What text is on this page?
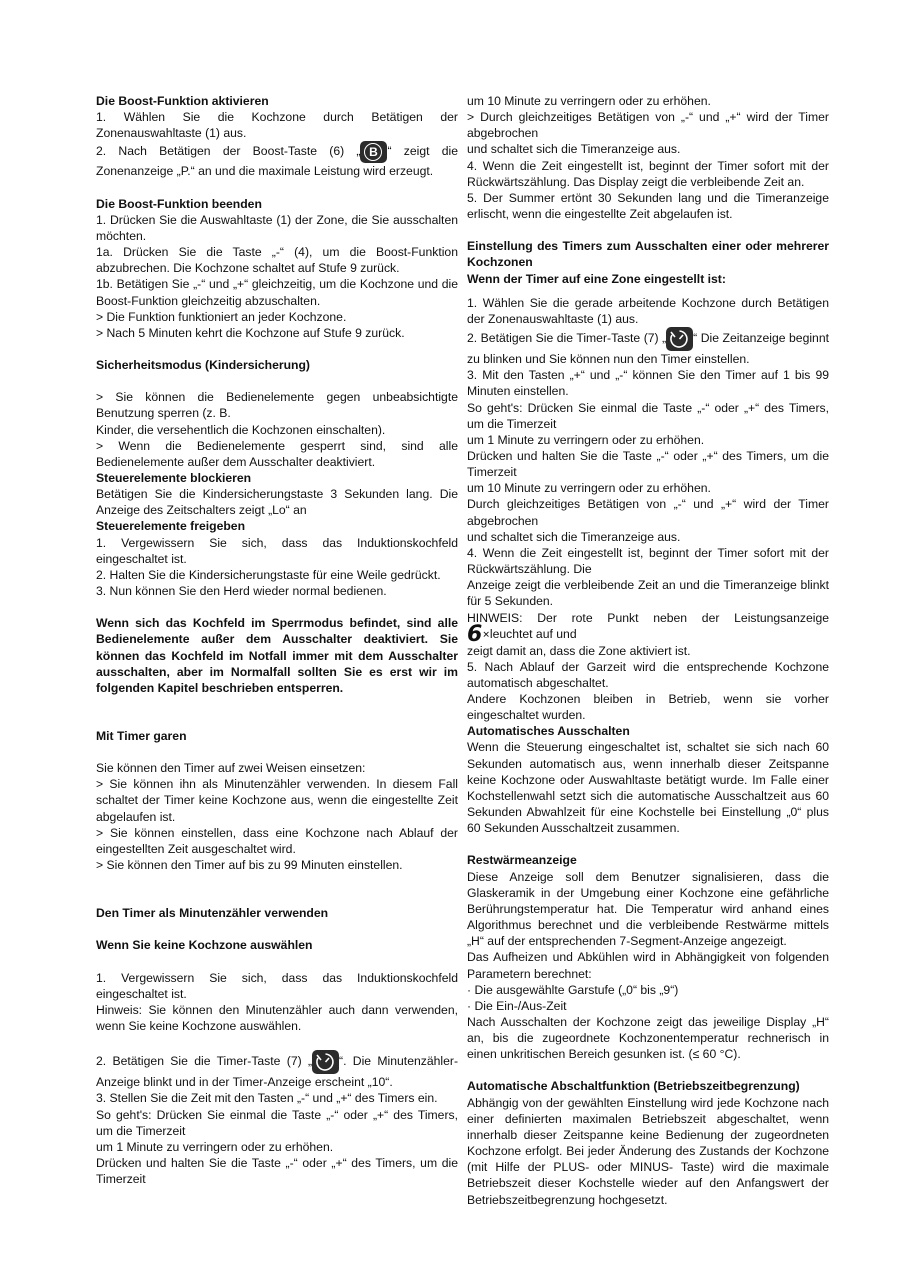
Die Boost-Funktion aktivieren

1. Wählen Sie die Kochzone durch Betätigen der Zonenauswahltaste (1) aus.

2. Nach Betätigen der Boost-Taste (6) „ B “ zeigt die Zonenanzeige „P.“ an und die maximale Leistung wird erzeugt.

Die Boost-Funktion beenden

1. Drücken Sie die Auswahltaste (1) der Zone, die Sie ausschalten möchten.

1a. Drücken Sie die Taste „-“ (4), um die Boost-Funktion abzubrechen. Die Kochzone schaltet auf Stufe 9 zurück.

1b. Betätigen Sie „-“ und „+“ gleichzeitig, um die Kochzone und die Boost-Funktion gleichzeitig abzuschalten.

> Die Funktion funktioniert an jeder Kochzone.

> Nach 5 Minuten kehrt die Kochzone auf Stufe 9 zurück.

Sicherheitsmodus (Kindersicherung)

> Sie können die Bedienelemente gegen unbeabsichtigte Benutzung sperren (z. B.

Kinder, die versehentlich die Kochzonen einschalten).

> Wenn die Bedienelemente gesperrt sind, sind alle Bedienelemente außer dem Ausschalter deaktiviert.

Steuerelemente blockieren

Betätigen Sie die Kindersicherungstaste 3 Sekunden lang. Die Anzeige des Zeitschalters zeigt „Lo“ an

Steuerelemente freigeben

1. Vergewissern Sie sich, dass das Induktionskochfeld eingeschaltet ist.

2. Halten Sie die Kindersicherungstaste für eine Weile gedrückt.

3. Nun können Sie den Herd wieder normal bedienen.

Wenn sich das Kochfeld im Sperrmodus befindet, sind alle Bedienelemente außer dem Ausschalter deaktiviert. Sie können das Kochfeld im Notfall immer mit dem Ausschalter ausschalten, aber im Normalfall sollten Sie es erst wir im folgenden Kapitel beschrieben entsperren.

Mit Timer garen

Sie können den Timer auf zwei Weisen einsetzen:

> Sie können ihn als Minutenzähler verwenden. In diesem Fall schaltet der Timer keine Kochzone aus, wenn die eingestellte Zeit abgelaufen ist.

> Sie können einstellen, dass eine Kochzone nach Ablauf der eingestellten Zeit ausgeschaltet wird.

> Sie können den Timer auf bis zu 99 Minuten einstellen.

Den Timer als Minutenzähler verwenden

Wenn Sie keine Kochzone auswählen

1. Vergewissern Sie sich, dass das Induktionskochfeld eingeschaltet ist.

Hinweis: Sie können den Minutenzähler auch dann verwenden, wenn Sie keine Kochzone auswählen.

2. Betätigen Sie die Timer-Taste (7) „ “. Die Minutenzähler-Anzeige blinkt und in der Timer-Anzeige erscheint „10“.

3. Stellen Sie die Zeit mit den Tasten „-“ und „+“ des Timers ein.

So geht's: Drücken Sie einmal die Taste „-“ oder „+“ des Timers, um die Timerzeit

um 1 Minute zu verringern oder zu erhöhen.

Drücken und halten Sie die Taste „-“ oder „+“ des Timers, um die Timerzeit

um 10 Minute zu verringern oder zu erhöhen.

> Durch gleichzeitiges Betätigen von „-“ und „+“ wird der Timer abgebrochen

und schaltet sich die Timeranzeige aus.

4. Wenn die Zeit eingestellt ist, beginnt der Timer sofort mit der Rückwärtszählung. Das Display zeigt die verbleibende Zeit an.

5. Der Summer ertönt 30 Sekunden lang und die Timeranzeige erlischt, wenn die eingestellte Zeit abgelaufen ist.

Einstellung des Timers zum Ausschalten einer oder mehrerer Kochzonen

Wenn der Timer auf eine Zone eingestellt ist:

1. Wählen Sie die gerade arbeitende Kochzone durch Betätigen der Zonenauswahltaste (1) aus.

2. Betätigen Sie die Timer-Taste (7) „ “ Die Zeitanzeige beginnt zu blinken und Sie können nun den Timer einstellen.

3. Mit den Tasten „+“ und „-“ können Sie den Timer auf 1 bis 99 Minuten einstellen.

So geht's: Drücken Sie einmal die Taste „-“ oder „+“ des Timers, um die Timerzeit

um 1 Minute zu verringern oder zu erhöhen.

Drücken und halten Sie die Taste „-“ oder „+“ des Timers, um die Timerzeit

um 10 Minute zu verringern oder zu erhöhen.

Durch gleichzeitiges Betätigen von „-“ und „+“ wird der Timer abgebrochen

und schaltet sich die Timeranzeige aus.

4. Wenn die Zeit eingestellt ist, beginnt der Timer sofort mit der Rückwärtszählung. Die

Anzeige zeigt die verbleibende Zeit an und die Timeranzeige blinkt für 5 Sekunden.

HINWEIS: Der rote Punkt neben der Leistungsanzeige 6✕leuchtet auf und

zeigt damit an, dass die Zone aktiviert ist.

5. Nach Ablauf der Garzeit wird die entsprechende Kochzone automatisch abgeschaltet.

Andere Kochzonen bleiben in Betrieb, wenn sie vorher eingeschaltet wurden.

Automatisches Ausschalten

Wenn die Steuerung eingeschaltet ist, schaltet sie sich nach 60 Sekunden automatisch aus, wenn innerhalb dieser Zeitspanne keine Kochzone oder Auswahltaste betätigt wurde. Im Falle einer Kochstellenwahl setzt sich die automatische Ausschaltzeit aus 60 Sekunden Abwahlzeit für eine Kochstelle bei Einstellung „0“ plus 60 Sekunden Ausschaltzeit zusammen.

Restwärmeanzeige

Diese Anzeige soll dem Benutzer signalisieren, dass die Glaskeramik in der Umgebung einer Kochzone eine gefährliche Berührungstemperatur hat. Die Temperatur wird anhand eines Algorithmus berechnet und die verbleibende Restwärme mittels „H“ auf der entsprechenden 7-Segment-Anzeige angezeigt.

Das Aufheizen und Abkühlen wird in Abhängigkeit von folgenden Parametern berechnet:

· Die ausgewählte Garstufe („0“ bis „9“)

· Die Ein-/Aus-Zeit

Nach Ausschalten der Kochzone zeigt das jeweilige Display „H“ an, bis die zugeordnete Kochzonentemperatur rechnerisch in einen unkritischen Bereich gesunken ist. (≤ 60 °C).

Automatische Abschaltfunktion (Betriebszeitbegrenzung)

Abhängig von der gewählten Einstellung wird jede Kochzone nach einer definierten maximalen Betriebszeit abgeschaltet, wenn innerhalb dieser Zeitspanne keine Bedienung der zugeordneten Kochzone erfolgt. Bei jeder Änderung des Zustands der Kochzone (mit Hilfe der PLUS- oder MINUS- Taste) wird die maximale Betriebszeit dieser Kochstelle wieder auf den Anfangswert der Betriebszeitbegrenzung hochgesetzt.
